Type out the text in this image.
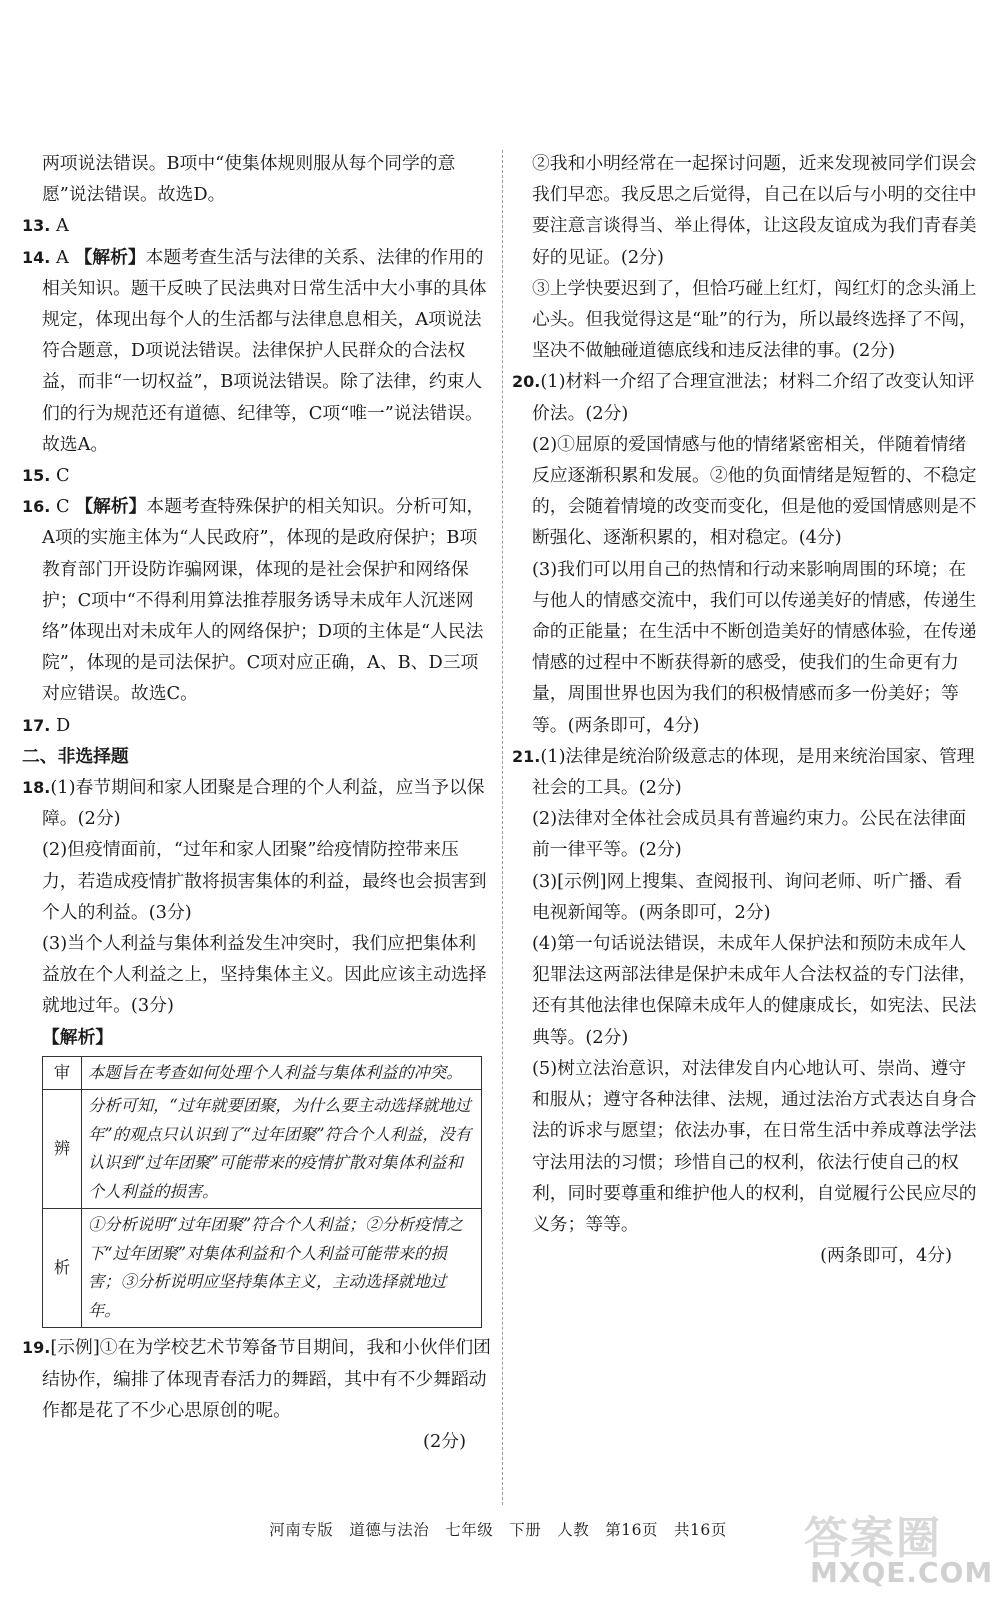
两项说法错误。B项中“使集体规则服从每个同学的意愿”说法错误。故选D。

13. A

14. A 【解析】本题考查生活与法律的关系、法律的作用的相关知识。题干反映了民法典对日常生活中大小事的具体规定，体现出每个人的生活都与法律息息相关，A项说法符合题意，D项说法错误。法律保护人民群众的合法权益，而非“一切权益”，B项说法错误。除了法律，约束人们的行为规范还有道德、纪律等，C项“唯一”说法错误。故选A。

15. C

16. C 【解析】本题考查特殊保护的相关知识。分析可知，A项的实施主体为“人民政府”，体现的是政府保护；B项教育部门开设防诈骗网课，体现的是社会保护和网络保护；C项中“不得利用算法推荐服务诱导未成年人沉迷网络”体现出对未成年人的网络保护；D项的主体是“人民法院”，体现的是司法保护。C项对应正确，A、B、D三项对应错误。故选C。

17. D

二、非选择题

18.(1)春节期间和家人团聚是合理的个人利益，应当予以保障。(2分)

(2)但疫情面前，“过年和家人团聚”给疫情防控带来压力，若造成疫情扩散将损害集体的利益，最终也会损害到个人的利益。(3分)

(3)当个人利益与集体利益发生冲突时，我们应把集体利益放在个人利益之上，坚持集体主义。因此应该主动选择就地过年。(3分)

【解析】

审	本题旨在考查如何处理个人利益与集体利益的冲突。
辨	分析可知，“过年就要团聚，为什么要主动选择就地过年”的观点只认识到了“过年团聚”符合个人利益，没有认识到“过年团聚”可能带来的疫情扩散对集体利益和个人利益的损害。
析	①分析说明“过年团聚”符合个人利益；②分析疫情之下“过年团聚”对集体利益和个人利益可能带来的损害；③分析说明应坚持集体主义，主动选择就地过年。

19.[示例]①在为学校艺术节筹备节目期间，我和小伙伴们团结协作，编排了体现青春活力的舞蹈，其中有不少舞蹈动作都是花了不少心思原创的呢。

(2分)

②我和小明经常在一起探讨问题，近来发现被同学们误会我们早恋。我反思之后觉得，自己在以后与小明的交往中要注意言谈得当、举止得体，让这段友谊成为我们青春美好的见证。(2分)

③上学快要迟到了，但恰巧碰上红灯，闯红灯的念头涌上心头。但我觉得这是“耻”的行为，所以最终选择了不闯，坚决不做触碰道德底线和违反法律的事。(2分)

20.(1)材料一介绍了合理宣泄法；材料二介绍了改变认知评价法。(2分)

(2)①屈原的爱国情感与他的情绪紧密相关，伴随着情绪反应逐渐积累和发展。②他的负面情绪是短暂的、不稳定的，会随着情境的改变而变化，但是他的爱国情感则是不断强化、逐渐积累的，相对稳定。(4分)

(3)我们可以用自己的热情和行动来影响周围的环境；在与他人的情感交流中，我们可以传递美好的情感，传递生命的正能量；在生活中不断创造美好的情感体验，在传递情感的过程中不断获得新的感受，使我们的生命更有力量，周围世界也因为我们的积极情感而多一份美好；等等。(两条即可，4分)

21.(1)法律是统治阶级意志的体现，是用来统治国家、管理社会的工具。(2分)

(2)法律对全体社会成员具有普遍约束力。公民在法律面前一律平等。(2分)

(3)[示例]网上搜集、查阅报刊、询问老师、听广播、看电视新闻等。(两条即可，2分)

(4)第一句话说法错误，未成年人保护法和预防未成年人犯罪法这两部法律是保护未成年人合法权益的专门法律，还有其他法律也保障未成年人的健康成长，如宪法、民法典等。(2分)

(5)树立法治意识，对法律发自内心地认可、崇尚、遵守和服从；遵守各种法律、法规，通过法治方式表达自身合法的诉求与愿望；依法办事，在日常生活中养成尊法学法守法用法的习惯；珍惜自己的权利，依法行使自己的权利，同时要尊重和维护他人的权利，自觉履行公民应尽的义务；等等。

(两条即可，4分)

河南专版　道德与法治　七年级　下册　人教　第16页　共16页	答案圈
MXQE.COM
